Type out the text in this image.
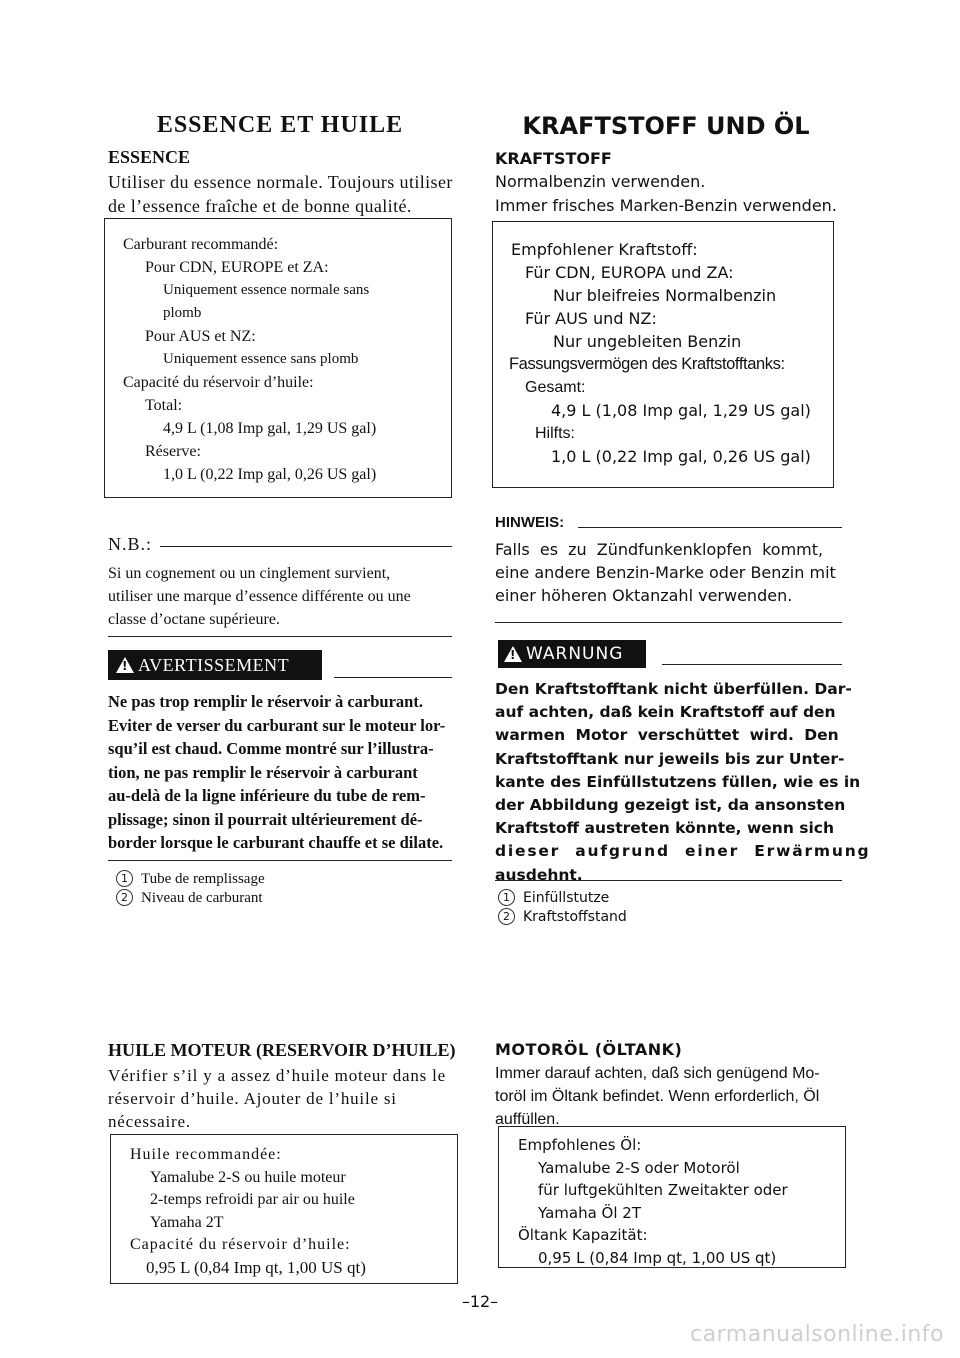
ESSENCE ET HUILE
ESSENCE
Utiliser du essence normale. Toujours utiliser
de l’essence fraîche et de bonne qualité.
Carburant recommandé:
Pour CDN, EUROPE et ZA:
Uniquement essence normale sans
plomb
Pour AUS et NZ:
Uniquement essence sans plomb
Capacité du réservoir d’huile:
Total:
4,9 L (1,08 Imp gal, 1,29 US gal)
Réserve:
1,0 L (0,22 Imp gal, 0,26 US gal)
N.B.:
Si un cognement ou un cinglement survient,
utiliser une marque d’essence différente ou une
classe d’octane supérieure.
!
AVERTISSEMENT
Ne pas trop remplir le réservoir à carburant.
Eviter de verser du carburant sur le moteur lor-
squ’il est chaud. Comme montré sur l’illustra-
tion, ne pas remplir le réservoir à carburant
au-delà de la ligne inférieure du tube de rem-
plissage; sinon il pourrait ultérieurement dé-
border lorsque le carburant chauffe et se dilate.
1 Tube de remplissage
2 Niveau de carburant
HUILE MOTEUR (RESERVOIR D’HUILE)
Vérifier s’il y a assez d’huile moteur dans le
réservoir d’huile. Ajouter de l’huile si
nécessaire.
Huile recommandée:
Yamalube 2-S ou huile moteur
2-temps refroidi par air ou huile
Yamaha 2T
Capacité du réservoir d’huile:
0,95 L (0,84 Imp qt, 1,00 US qt)
KRAFTSTOFF UND ÖL
KRAFTSTOFF
Normalbenzin verwenden.
Immer frisches Marken-Benzin verwenden.
Empfohlener Kraftstoff:
Für CDN, EUROPA und ZA:
Nur bleifreies Normalbenzin
Für AUS und NZ:
Nur ungebleiten Benzin
Fassungsvermögen des Kraftstofftanks:
Gesamt:
4,9 L (1,08 Imp gal, 1,29 US gal)
Hilfts:
1,0 L (0,22 Imp gal, 0,26 US gal)
HINWEIS:
Falls es zu Zündfunkenklopfen kommt,
eine andere Benzin-Marke oder Benzin mit
einer höheren Oktanzahl verwenden.
!
WARNUNG
Den Kraftstofftank nicht überfüllen. Dar-
auf achten, daß kein Kraftstoff auf den
warmen Motor verschüttet wird. Den
Kraftstofftank nur jeweils bis zur Unter-
kante des Einfüllstutzens füllen, wie es in
der Abbildung gezeigt ist, da ansonsten
Kraftstoff austreten könnte, wenn sich
dieser aufgrund einer Erwärmung
ausdehnt.
1 Einfüllstutze
2 Kraftstoffstand
MOTORÖL (ÖLTANK)
Immer darauf achten, daß sich genügend Mo-
toröl im Öltank befindet. Wenn erforderlich, Öl
auffüllen.
Empfohlenes Öl:
Yamalube 2-S oder Motoröl
für luftgekühlten Zweitakter oder
Yamaha Öl 2T
Öltank Kapazität:
0,95 L (0,84 Imp qt, 1,00 US qt)
–12–
carmanualsonline.info
